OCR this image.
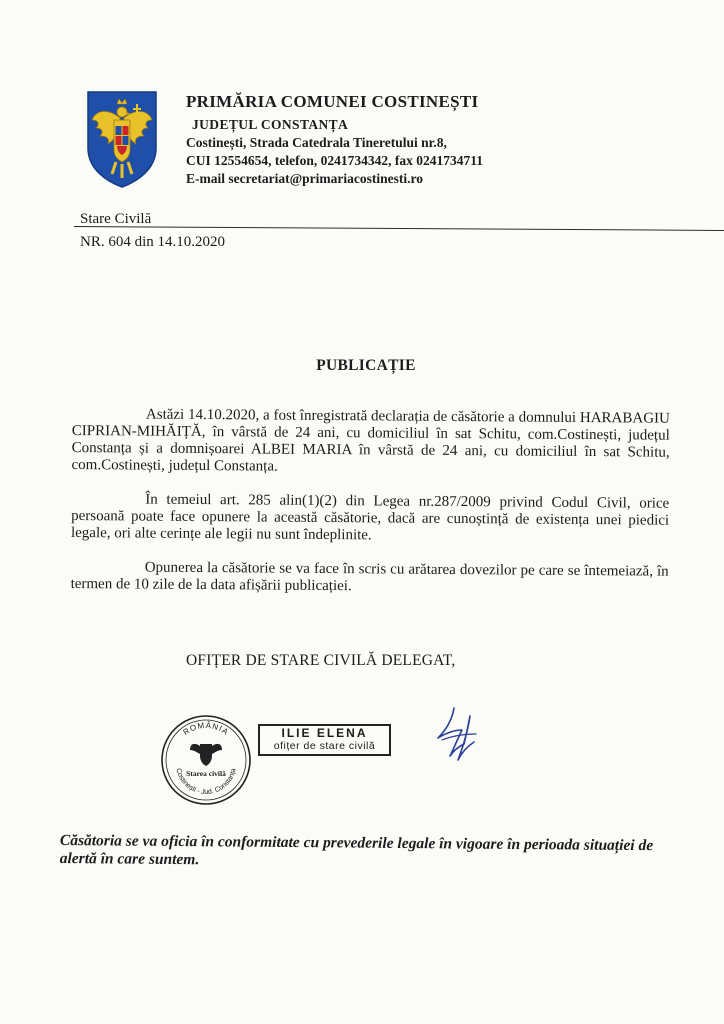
PRIMĂRIA COMUNEI COSTINEȘTI
JUDEȚUL CONSTANȚA
Costinești, Strada Catedrala Tineretului nr.8,
CUI 12554654, telefon, 0241734342, fax 0241734711
E-mail secretariat@primariacostinesti.ro
Stare Civilă
NR. 604 din 14.10.2020
PUBLICAȚIE

Astăzi 14.10.2020, a fost înregistrată declarația de căsătorie a domnului HARABAGIU CIPRIAN-MIHĂIȚĂ, în vârstă de 24 ani, cu domiciliul în sat Schitu, com.Costinești, județul Constanța și a domnișoarei ALBEI MARIA în vârstă de 24 ani, cu domiciliul în sat Schitu, com.Costinești, județul Constanța.

În temeiul art. 285 alin(1)(2) din Legea nr.287/2009 privind Codul Civil, orice persoană poate face opunere la această căsătorie, dacă are cunoștință de existența unei piedici legale, ori alte cerințe ale legii nu sunt îndeplinite.

Opunerea la căsătorie se va face în scris cu arătarea dovezilor pe care se întemeiază, în termen de 10 zile de la data afișării publicației.

OFIȚER DE STARE CIVILĂ DELEGAT,
ROMÂNIA
Costinești - Jud. Constanța
Starea civilă
ILIE ELENA
ofițer de stare civilă
Căsătoria se va oficia în conformitate cu prevederile legale în vigoare în perioada situației de alertă în care suntem.
